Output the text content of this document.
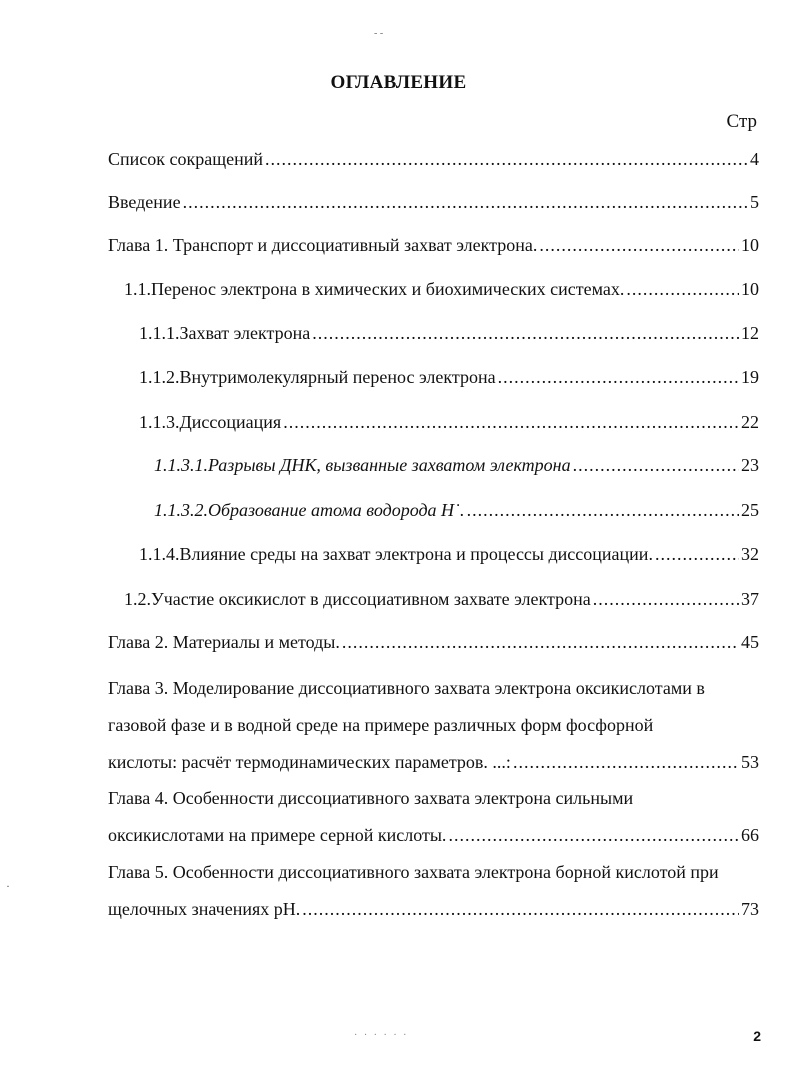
- -
ОГЛАВЛЕНИЕ
Стр
Список сокращений .....	4
Введение .....	5
Глава 1. Транспорт и диссоциативный захват электрона. .....	10
1.1. Перенос электрона в химических и биохимических системах. .....	10
1.1.1. Захват электрона .....	12
1.1.2. Внутримолекулярный перенос электрона .....	19
1.1.3. Диссоциация .....	22
1.1.3.1. Разрывы ДНК, вызванные захватом электрона .....	23
1.1.3.2. Образование атома водорода H˙. .....	25
1.1.4. Влияние среды на захват электрона и процессы диссоциации. .....	32
1.2. Участие оксикислот в диссоциативном захвате электрона .....	37
Глава 2. Материалы и методы. .....	45
Глава 3. Моделирование диссоциативного захвата электрона оксикислотами в
газовой фазе и в водной среде на примере различных форм фосфорной
кислоты: расчёт термодинамических параметров. ...: .....	53
Глава 4. Особенности диссоциативного захвата электрона сильными
оксикислотами на примере серной кислоты. .....	66
Глава 5. Особенности диссоциативного захвата электрона борной кислотой при
щелочных значениях pH. .....	73
·
· · · · · ·	2
